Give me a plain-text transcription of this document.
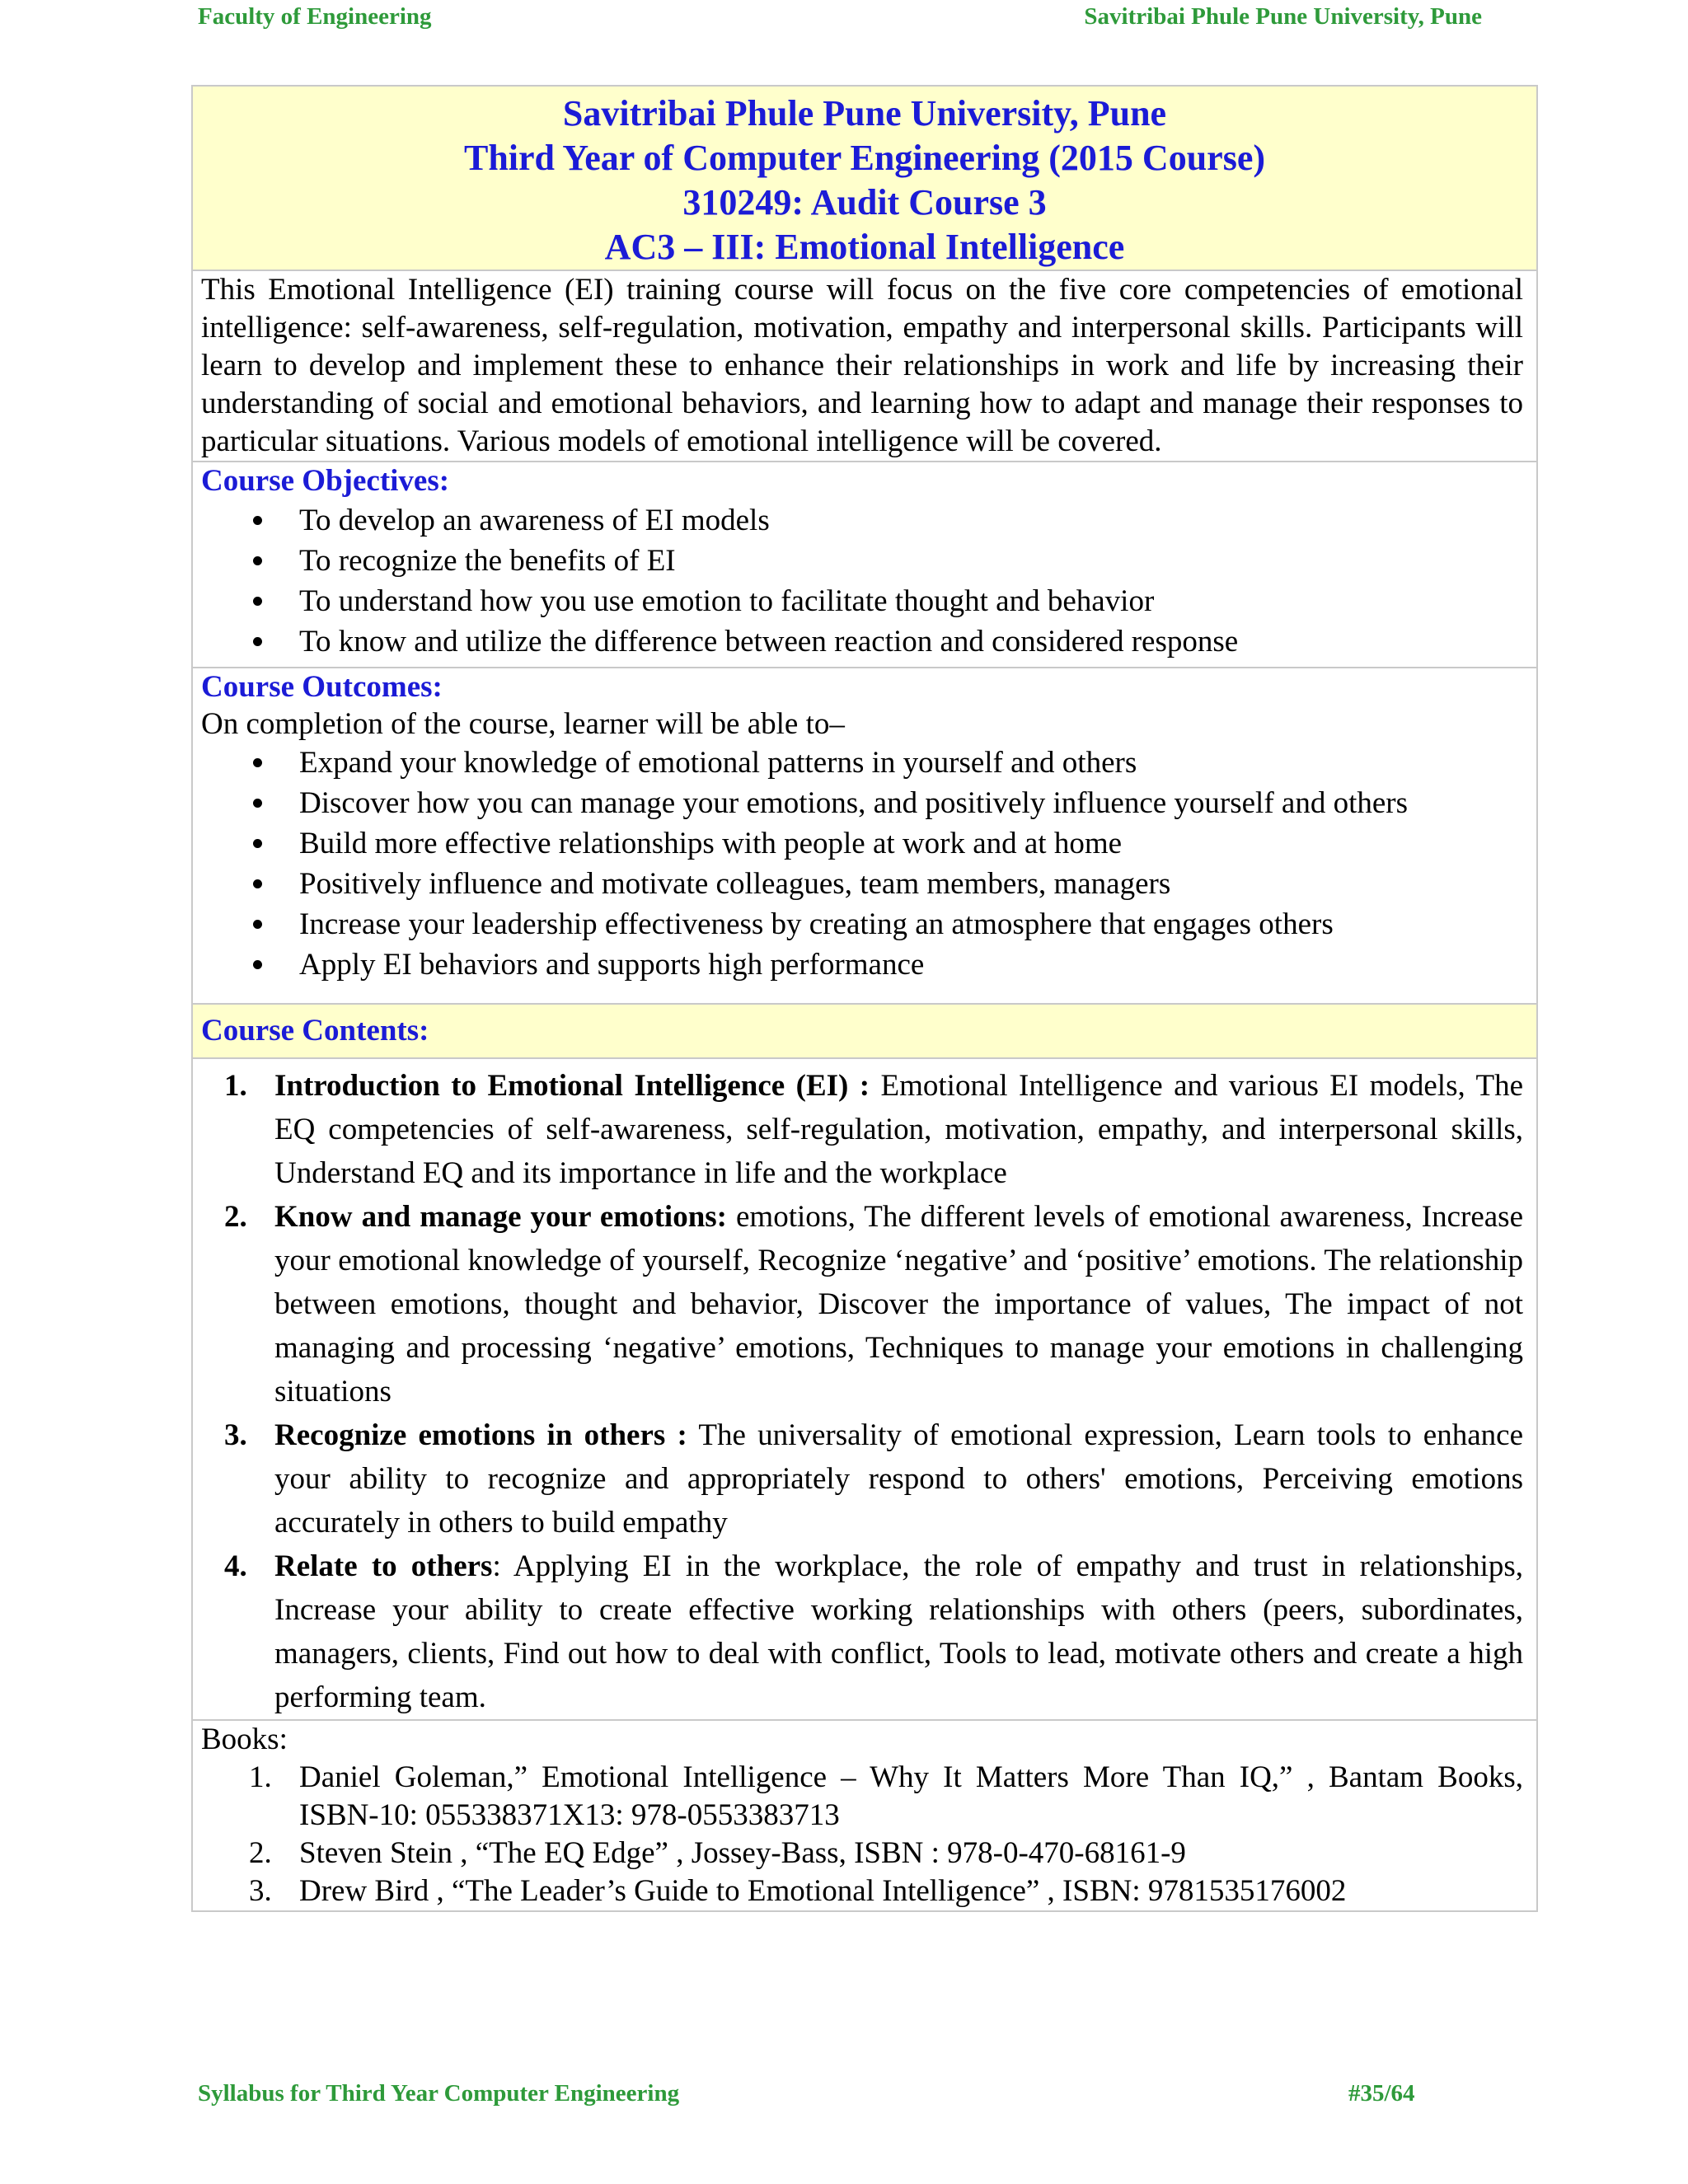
Faculty of Engineering	Savitribai Phule Pune University, Pune
Savitribai Phule Pune University, Pune
Third Year of Computer Engineering (2015 Course)
310249: Audit Course 3
AC3 – III: Emotional Intelligence
This Emotional Intelligence (EI) training course will focus on the five core competencies of emotional intelligence: self-awareness, self-regulation, motivation, empathy and interpersonal skills. Participants will learn to develop and implement these to enhance their relationships in work and life by increasing their understanding of social and emotional behaviors, and learning how to adapt and manage their responses to particular situations. Various models of emotional intelligence will be covered.
Course Objectives:
To develop an awareness of EI models
To recognize the benefits of EI
To understand how you use emotion to facilitate thought and behavior
To know and utilize the difference between reaction and considered response
Course Outcomes:
On completion of the course, learner will be able to–
Expand your knowledge of emotional patterns in yourself and others
Discover how you can manage your emotions, and positively influence yourself and others
Build more effective relationships with people at work and at home
Positively influence and motivate colleagues, team members, managers
Increase your leadership effectiveness by creating an atmosphere that engages others
Apply EI behaviors and supports high performance
Course Contents:
1. Introduction to Emotional Intelligence (EI) : Emotional Intelligence and various EI models, The EQ competencies of self-awareness, self-regulation, motivation, empathy, and interpersonal skills, Understand EQ and its importance in life and the workplace
2. Know and manage your emotions: emotions, The different levels of emotional awareness, Increase your emotional knowledge of yourself, Recognize ‘negative’ and ‘positive’ emotions. The relationship between emotions, thought and behavior, Discover the importance of values, The impact of not managing and processing ‘negative’ emotions, Techniques to manage your emotions in challenging situations
3. Recognize emotions in others : The universality of emotional expression, Learn tools to enhance your ability to recognize and appropriately respond to others' emotions, Perceiving emotions accurately in others to build empathy
4. Relate to others: Applying EI in the workplace, the role of empathy and trust in relationships, Increase your ability to create effective working relationships with others (peers, subordinates, managers, clients, Find out how to deal with conflict, Tools to lead, motivate others and create a high performing team.
Books:
1. Daniel Goleman,” Emotional Intelligence – Why It Matters More Than IQ,” , Bantam Books, ISBN-10: 055338371X13: 978-0553383713
2. Steven Stein , “The EQ Edge” , Jossey-Bass, ISBN : 978-0-470-68161-9
3. Drew Bird , “The Leader’s Guide to Emotional Intelligence” , ISBN: 9781535176002
Syllabus for Third Year Computer Engineering	#35/64
